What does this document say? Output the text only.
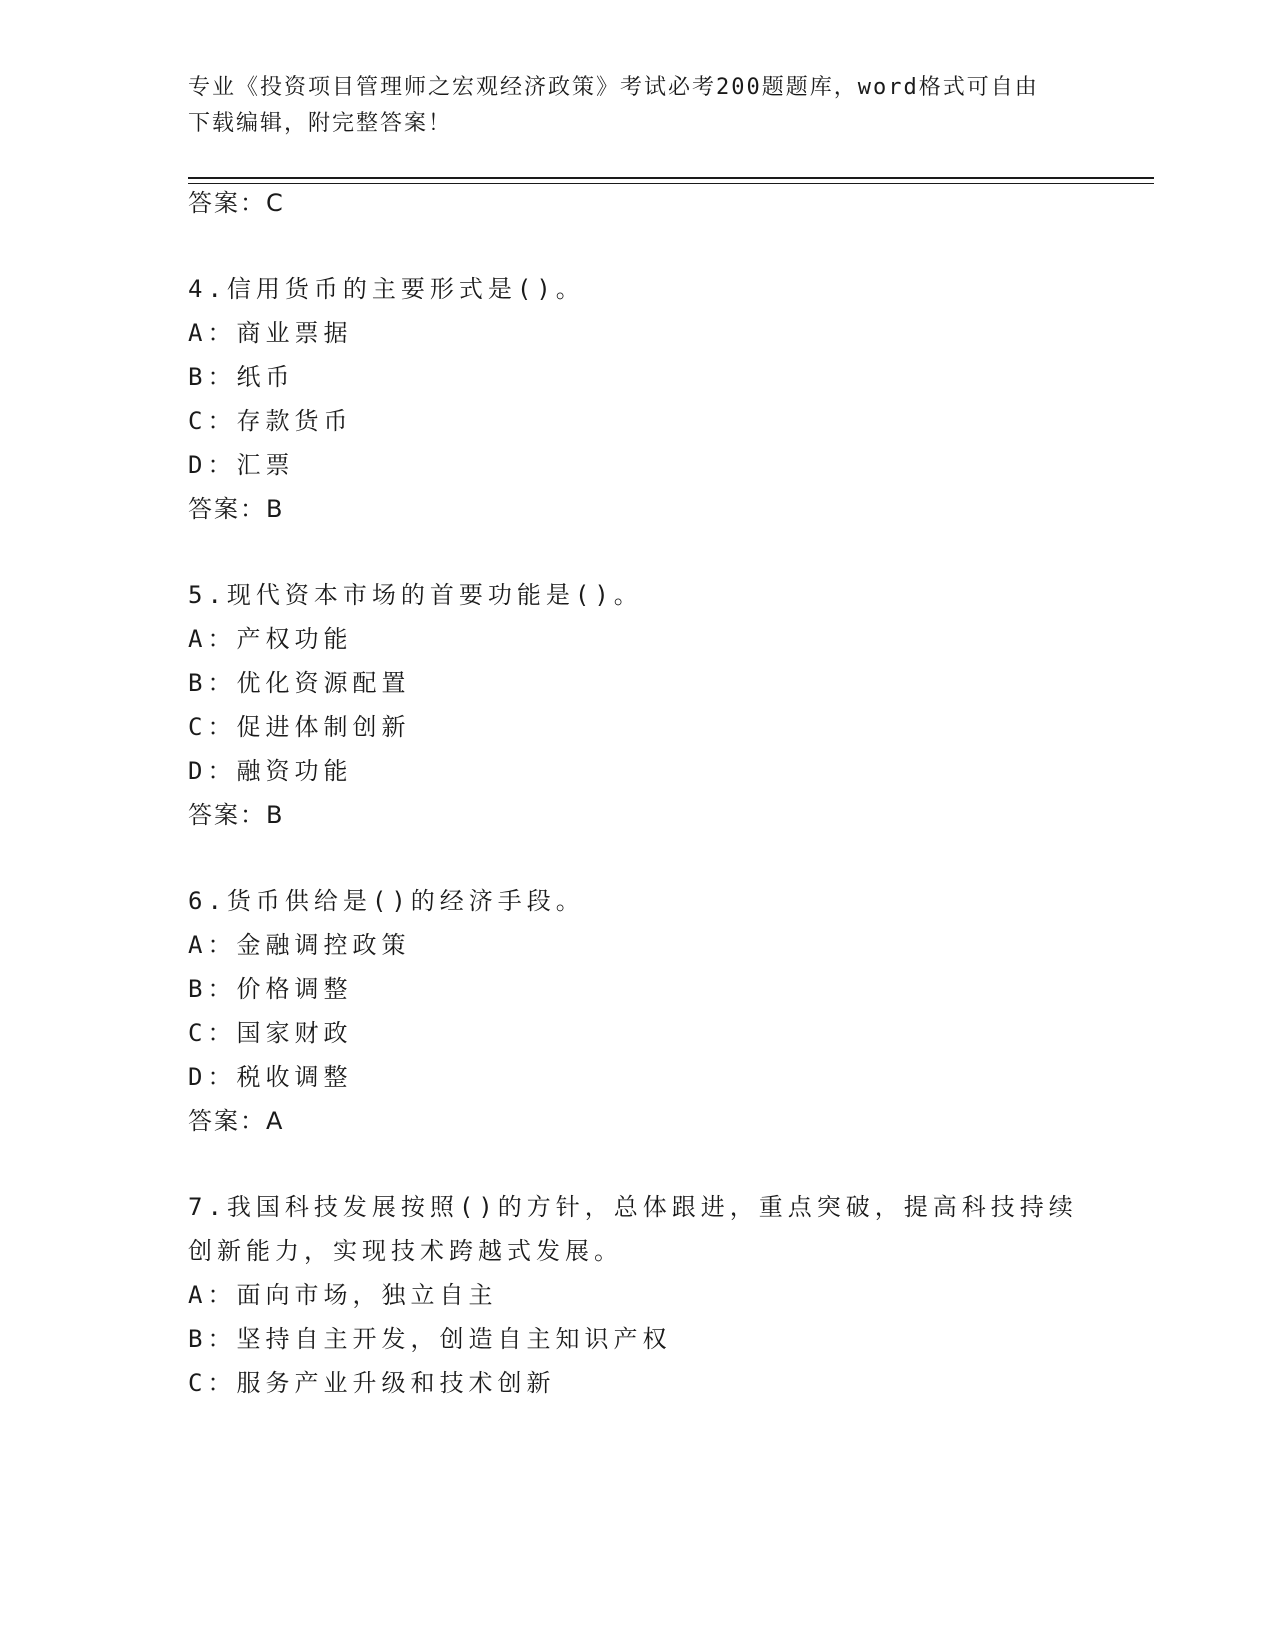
专业《投资项目管理师之宏观经济政策》考试必考200题题库，word格式可自由
下载编辑，附完整答案！
答案：C
4.信用货币的主要形式是()。
A：商业票据
B：纸币
C：存款货币
D：汇票
答案：B
5.现代资本市场的首要功能是()。
A：产权功能
B：优化资源配置
C：促进体制创新
D：融资功能
答案：B
6.货币供给是()的经济手段。
A：金融调控政策
B：价格调整
C：国家财政
D：税收调整
答案：A
7.我国科技发展按照()的方针，总体跟进，重点突破，提高科技持续
创新能力，实现技术跨越式发展。
A：面向市场，独立自主
B：坚持自主开发，创造自主知识产权
C：服务产业升级和技术创新
